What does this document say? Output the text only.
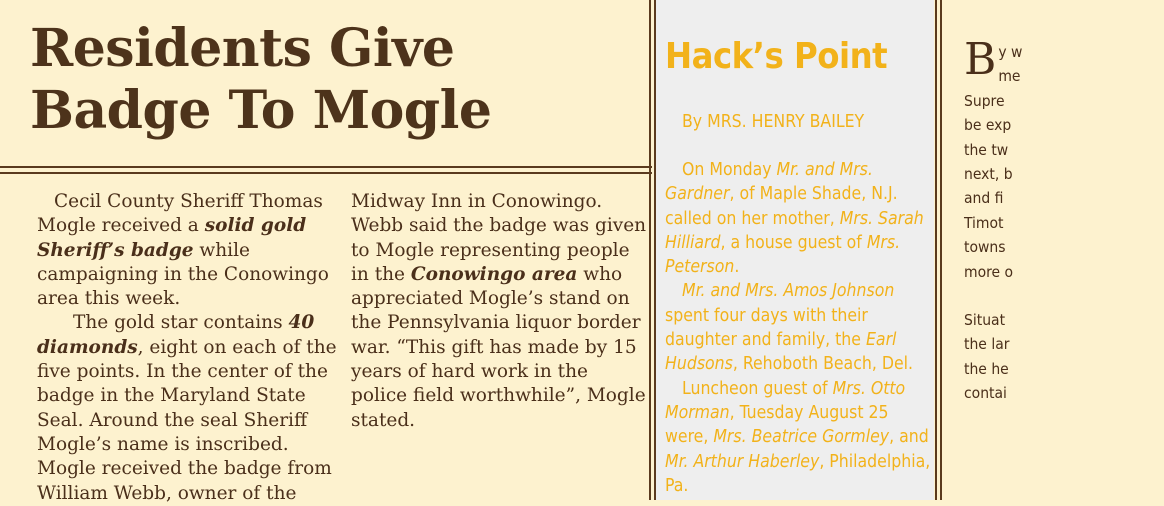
Residents Give
Badge To Mogle

Cecil County Sheriff Thomas Mogle received a solid gold Sheriff’s badge while campaigning in the Conowingo area this week.

The gold star contains 40 diamonds, eight on each of the five points. In the center of the badge in the Maryland State Seal. Around the seal Sheriff Mogle’s name is inscribed. Mogle received the badge from William Webb, owner of the

Midway Inn in Conowingo. Webb said the badge was given to Mogle representing people in the Conowingo area who appreciated Mogle’s stand on the Pennsylvania liquor border war. “This gift has made by 15 years of hard work in the police field worthwhile”, Mogle stated.

Hack’s Point
By MRS. HENRY BAILEY

On Monday Mr. and Mrs. Gardner, of Maple Shade, N.J. called on her mother, Mrs. Sarah Hilliard, a house guest of Mrs. Peterson.

Mr. and Mrs. Amos Johnson spent four days with their daughter and family, the Earl Hudsons, Rehoboth Beach, Del.

Luncheon guest of Mrs. Otto Morman, Tuesday August 25 were, Mrs. Beatrice Gormley, and Mr. Arthur Haberley, Philadelphia, Pa.

B y w

me

Supre

be exp

the tw

next, b

and fi

Timot

towns

more o

Situat

the lar

the he

contai
